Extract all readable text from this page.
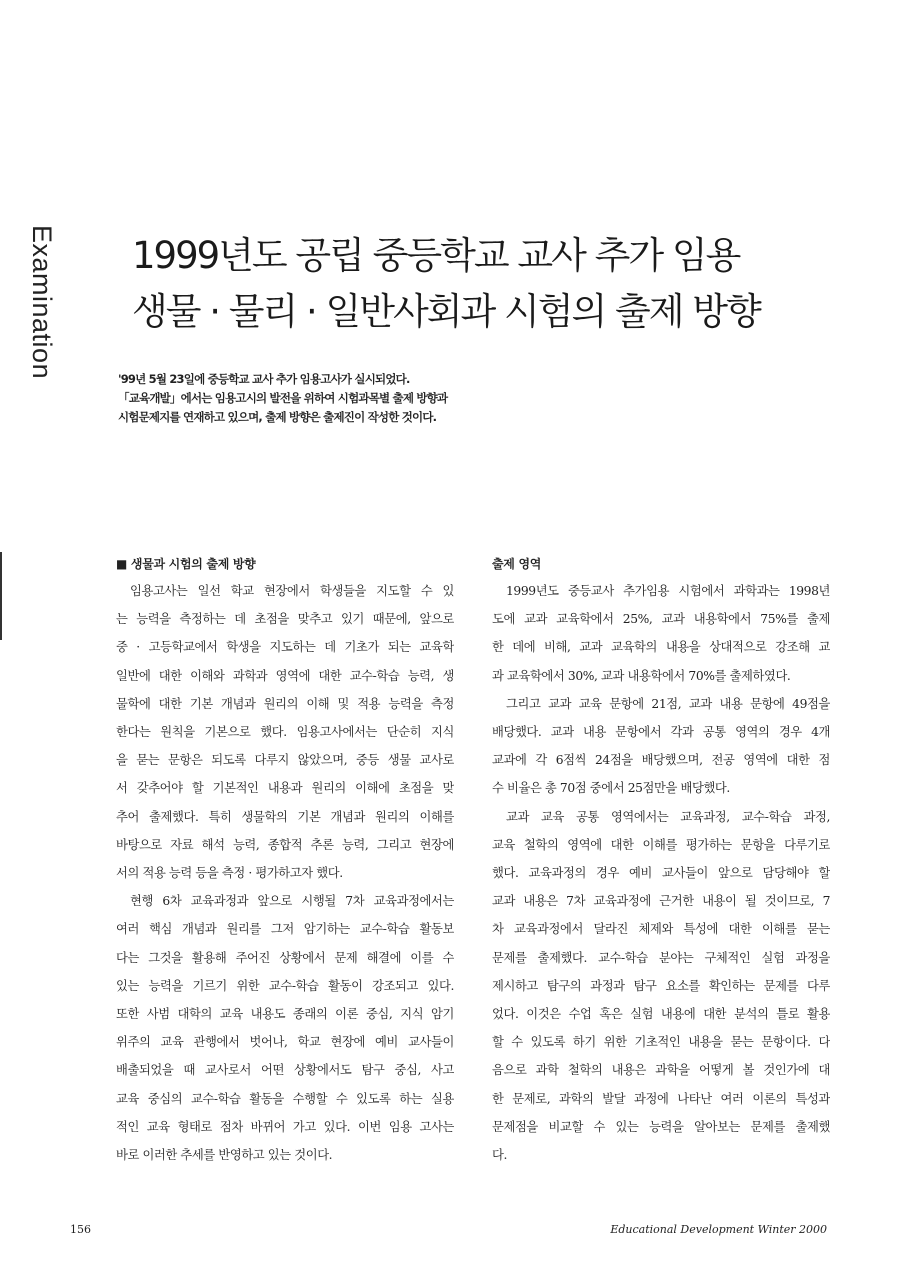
Examination 1999년도 공립 중등학교 교사 추가 임용
생물 · 물리 · 일반사회과 시험의 출제 방향
'99년 5월 23일에 중등학교 교사 추가 임용고사가 실시되었다.
「교육개발」에서는 임용고시의 발전을 위하여 시험과목별 출제 방향과
시험문제지를 연재하고 있으며, 출제 방향은 출제진이 작성한 것이다.
■ 생물과 시험의 출제 방향
임용고사는 일선 학교 현장에서 학생들을 지도할 수 있
는 능력을 측정하는 데 초점을 맞추고 있기 때문에, 앞으로
중 · 고등학교에서 학생을 지도하는 데 기초가 되는 교육학
일반에 대한 이해와 과학과 영역에 대한 교수-학습 능력, 생
물학에 대한 기본 개념과 원리의 이해 및 적용 능력을 측정
한다는 원칙을 기본으로 했다. 임용고사에서는 단순히 지식
을 묻는 문항은 되도록 다루지 않았으며, 중등 생물 교사로
서 갖추어야 할 기본적인 내용과 원리의 이해에 초점을 맞
추어 출제했다. 특히 생물학의 기본 개념과 원리의 이해를
바탕으로 자료 해석 능력, 종합적 추론 능력, 그리고 현장에
서의 적용 능력 등을 측정 · 평가하고자 했다.
현행 6차 교육과정과 앞으로 시행될 7차 교육과정에서는
여러 핵심 개념과 원리를 그저 암기하는 교수-학습 활동보
다는 그것을 활용해 주어진 상황에서 문제 해결에 이를 수
있는 능력을 기르기 위한 교수-학습 활동이 강조되고 있다.
또한 사범 대학의 교육 내용도 종래의 이론 중심, 지식 암기
위주의 교육 관행에서 벗어나, 학교 현장에 예비 교사들이
배출되었을 때 교사로서 어떤 상황에서도 탐구 중심, 사고
교육 중심의 교수-학습 활동을 수행할 수 있도록 하는 실용
적인 교육 형태로 점차 바뀌어 가고 있다. 이번 임용 고사는
바로 이러한 추세를 반영하고 있는 것이다.
출제 영역
1999년도 중등교사 추가임용 시험에서 과학과는 1998년
도에 교과 교육학에서 25%, 교과 내용학에서 75%를 출제
한 데에 비해, 교과 교육학의 내용을 상대적으로 강조해 교
과 교육학에서 30%, 교과 내용학에서 70%를 출제하였다.
그리고 교과 교육 문항에 21점, 교과 내용 문항에 49점을
배당했다. 교과 내용 문항에서 각과 공통 영역의 경우 4개
교과에 각 6점씩 24점을 배당했으며, 전공 영역에 대한 점
수 비율은 총 70점 중에서 25점만을 배당했다.
교과 교육 공통 영역에서는 교육과정, 교수-학습 과정,
교육 철학의 영역에 대한 이해를 평가하는 문항을 다루기로
했다. 교육과정의 경우 예비 교사들이 앞으로 담당해야 할
교과 내용은 7차 교육과정에 근거한 내용이 될 것이므로, 7
차 교육과정에서 달라진 체제와 특성에 대한 이해를 묻는
문제를 출제했다. 교수-학습 분야는 구체적인 실험 과정을
제시하고 탐구의 과정과 탐구 요소를 확인하는 문제를 다루
었다. 이것은 수업 혹은 실험 내용에 대한 분석의 틀로 활용
할 수 있도록 하기 위한 기초적인 내용을 묻는 문항이다. 다
음으로 과학 철학의 내용은 과학을 어떻게 볼 것인가에 대
한 문제로, 과학의 발달 과정에 나타난 여러 이론의 특성과
문제점을 비교할 수 있는 능력을 알아보는 문제를 출제했
다.
156	Educational Development Winter 2000
